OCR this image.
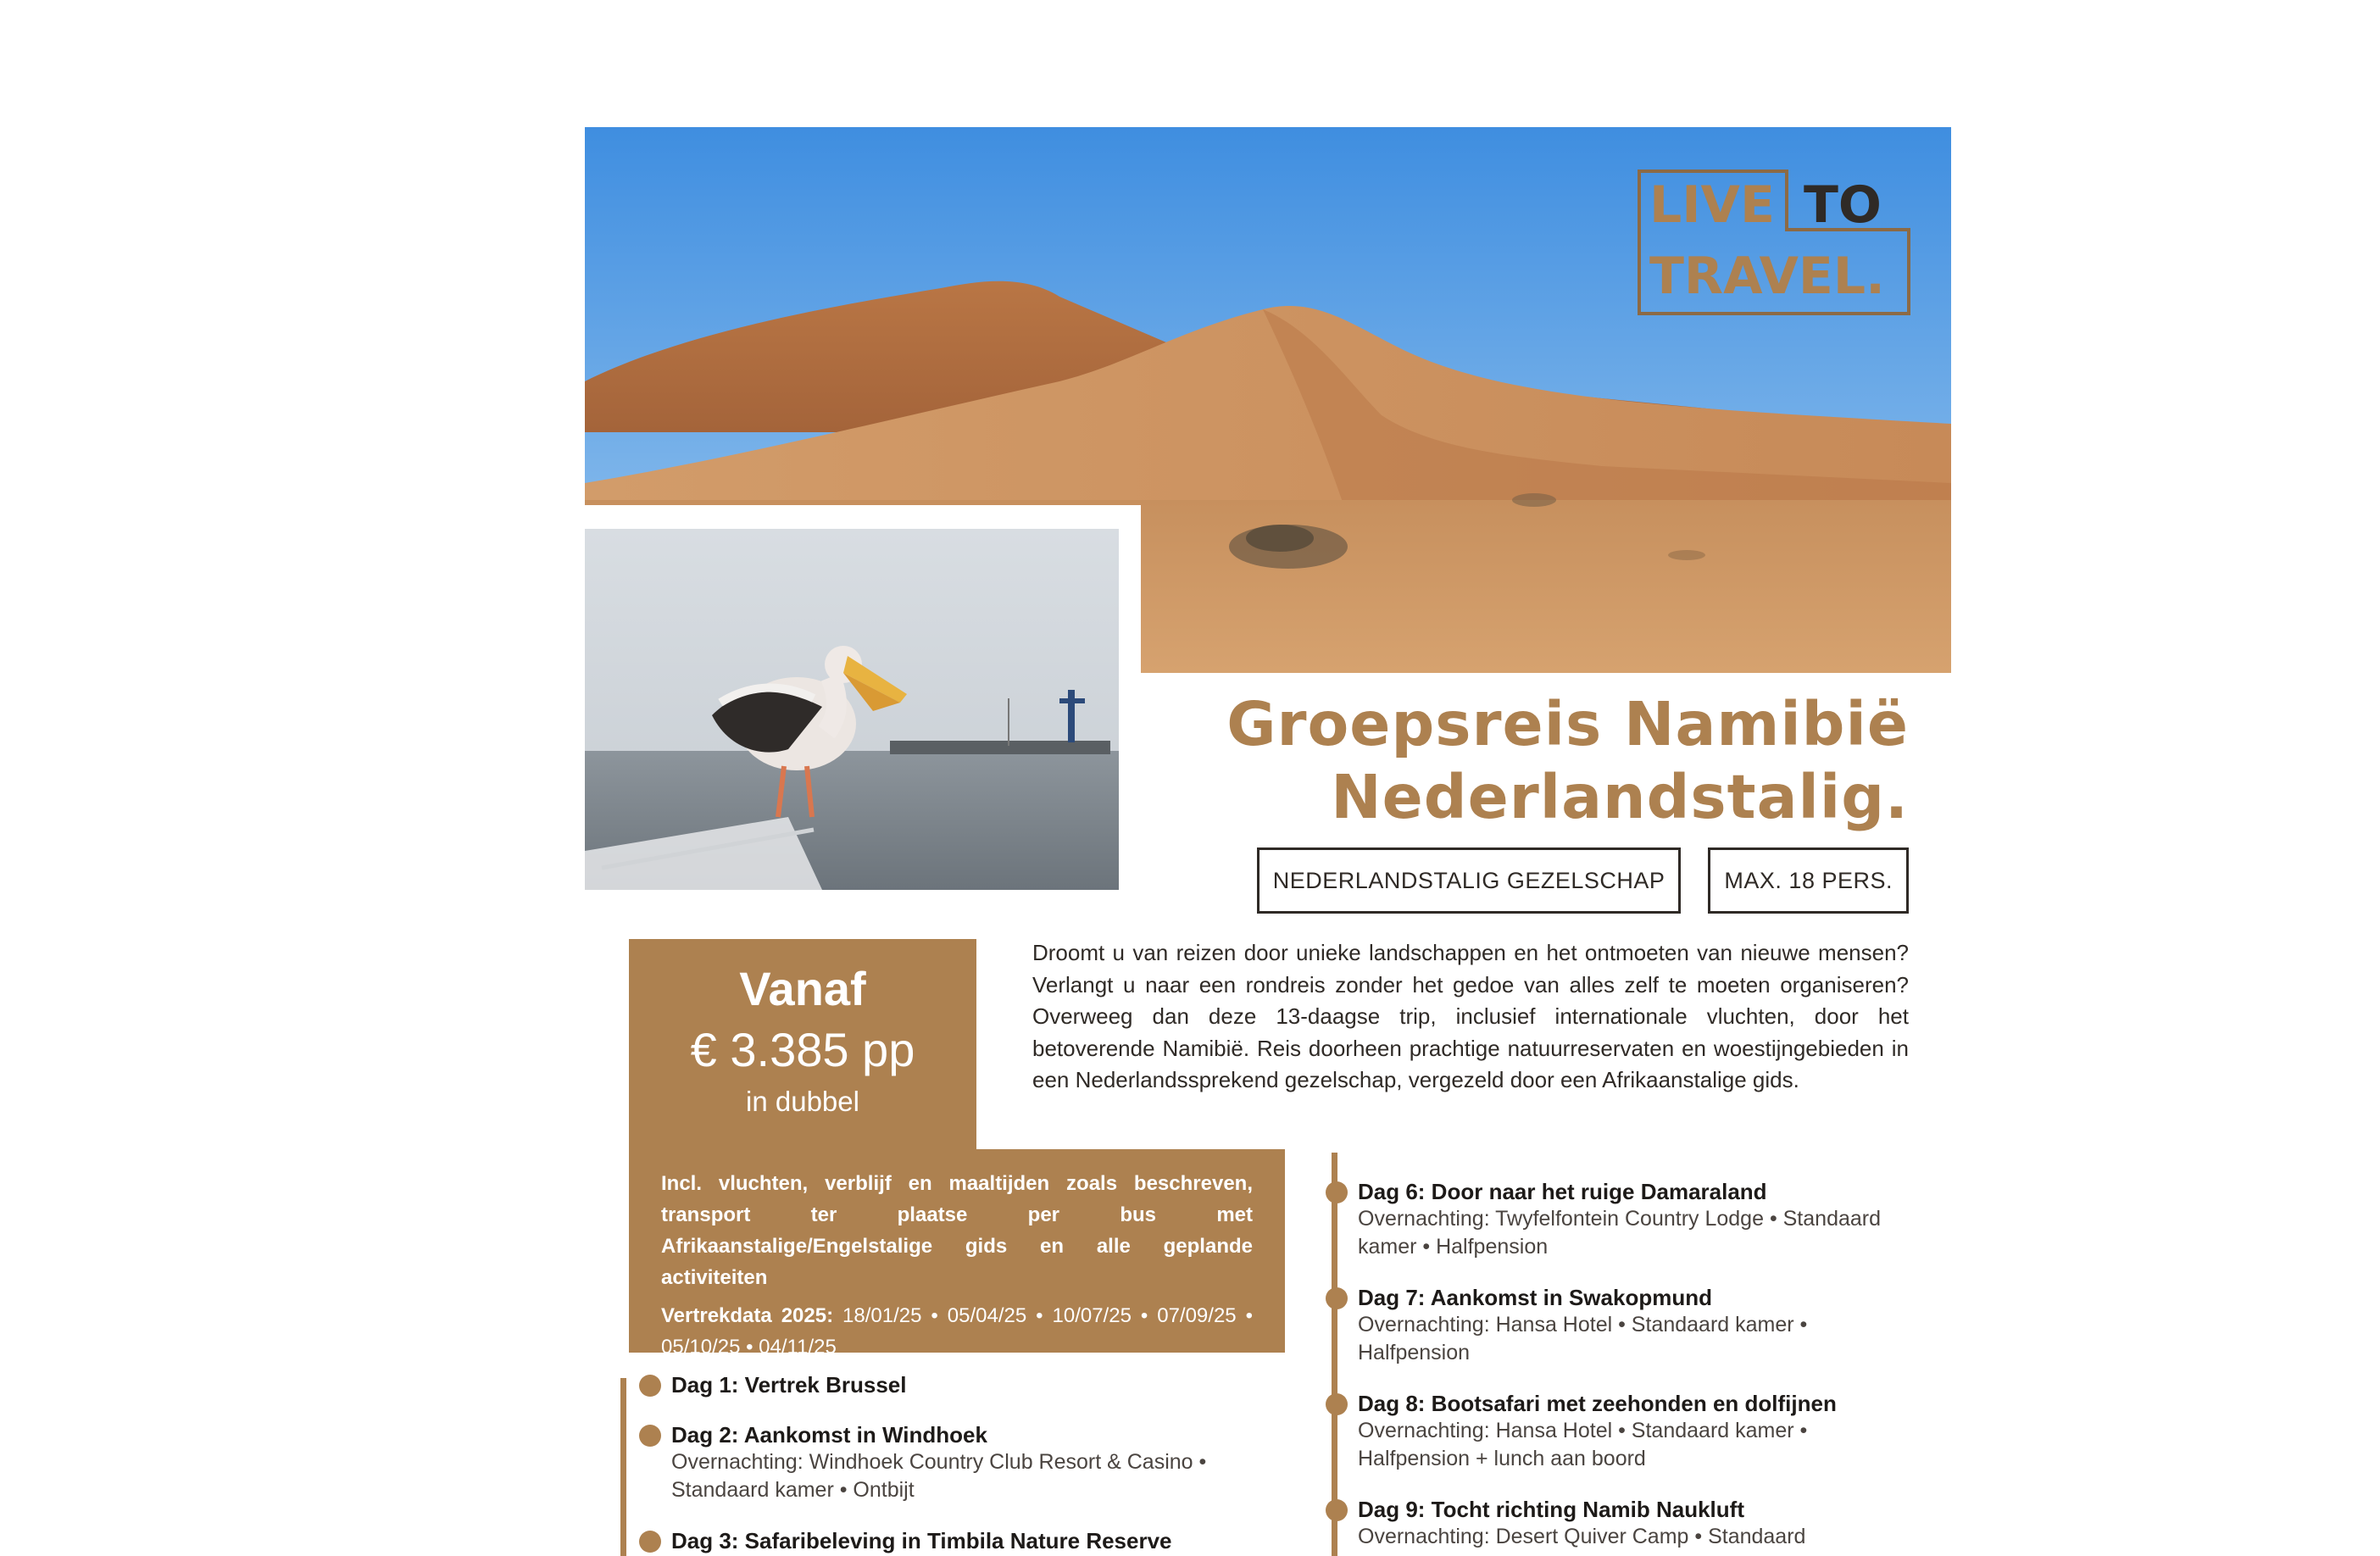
LIVE TO
TRAVEL.
Groepsreis Namibië
Nederlandstalig.
NEDERLANDSTALIG GEZELSCHAP	MAX. 18 PERS.
Droomt u van reizen door unieke landschappen en het ontmoeten van nieuwe mensen? Verlangt u naar een rondreis zonder het gedoe van alles zelf te moeten organiseren? Overweeg dan deze 13-daagse trip, inclusief internationale vluchten, door het betoverende Namibië. Reis doorheen prachtige natuurreservaten en woestijngebieden in een Nederlandssprekend gezelschap, vergezeld door een Afrikaanstalige gids.
Vanaf
€ 3.385 pp
in dubbel
Incl. vluchten, verblijf en maaltijden zoals beschreven, transport ter plaatse per bus met Afrikaanstalige/Engelstalige gids en alle geplande activiteiten
Vertrekdata 2025: 18/01/25 • 05/04/25 • 10/07/25 • 07/09/25 • 05/10/25 • 04/11/25
Dag 1: Vertrek Brussel
Dag 2: Aankomst in Windhoek
Overnachting: Windhoek Country Club Resort & Casino • Standaard kamer • Ontbijt
Dag 3: Safaribeleving in Timbila Nature Reserve
Dag 6: Door naar het ruige Damaraland
Overnachting: Twyfelfontein Country Lodge • Standaard kamer • Halfpension
Dag 7: Aankomst in Swakopmund
Overnachting: Hansa Hotel • Standaard kamer • Halfpension
Dag 8: Bootsafari met zeehonden en dolfijnen
Overnachting: Hansa Hotel • Standaard kamer • Halfpension + lunch aan boord
Dag 9: Tocht richting Namib Naukluft
Overnachting: Desert Quiver Camp • Standaard
